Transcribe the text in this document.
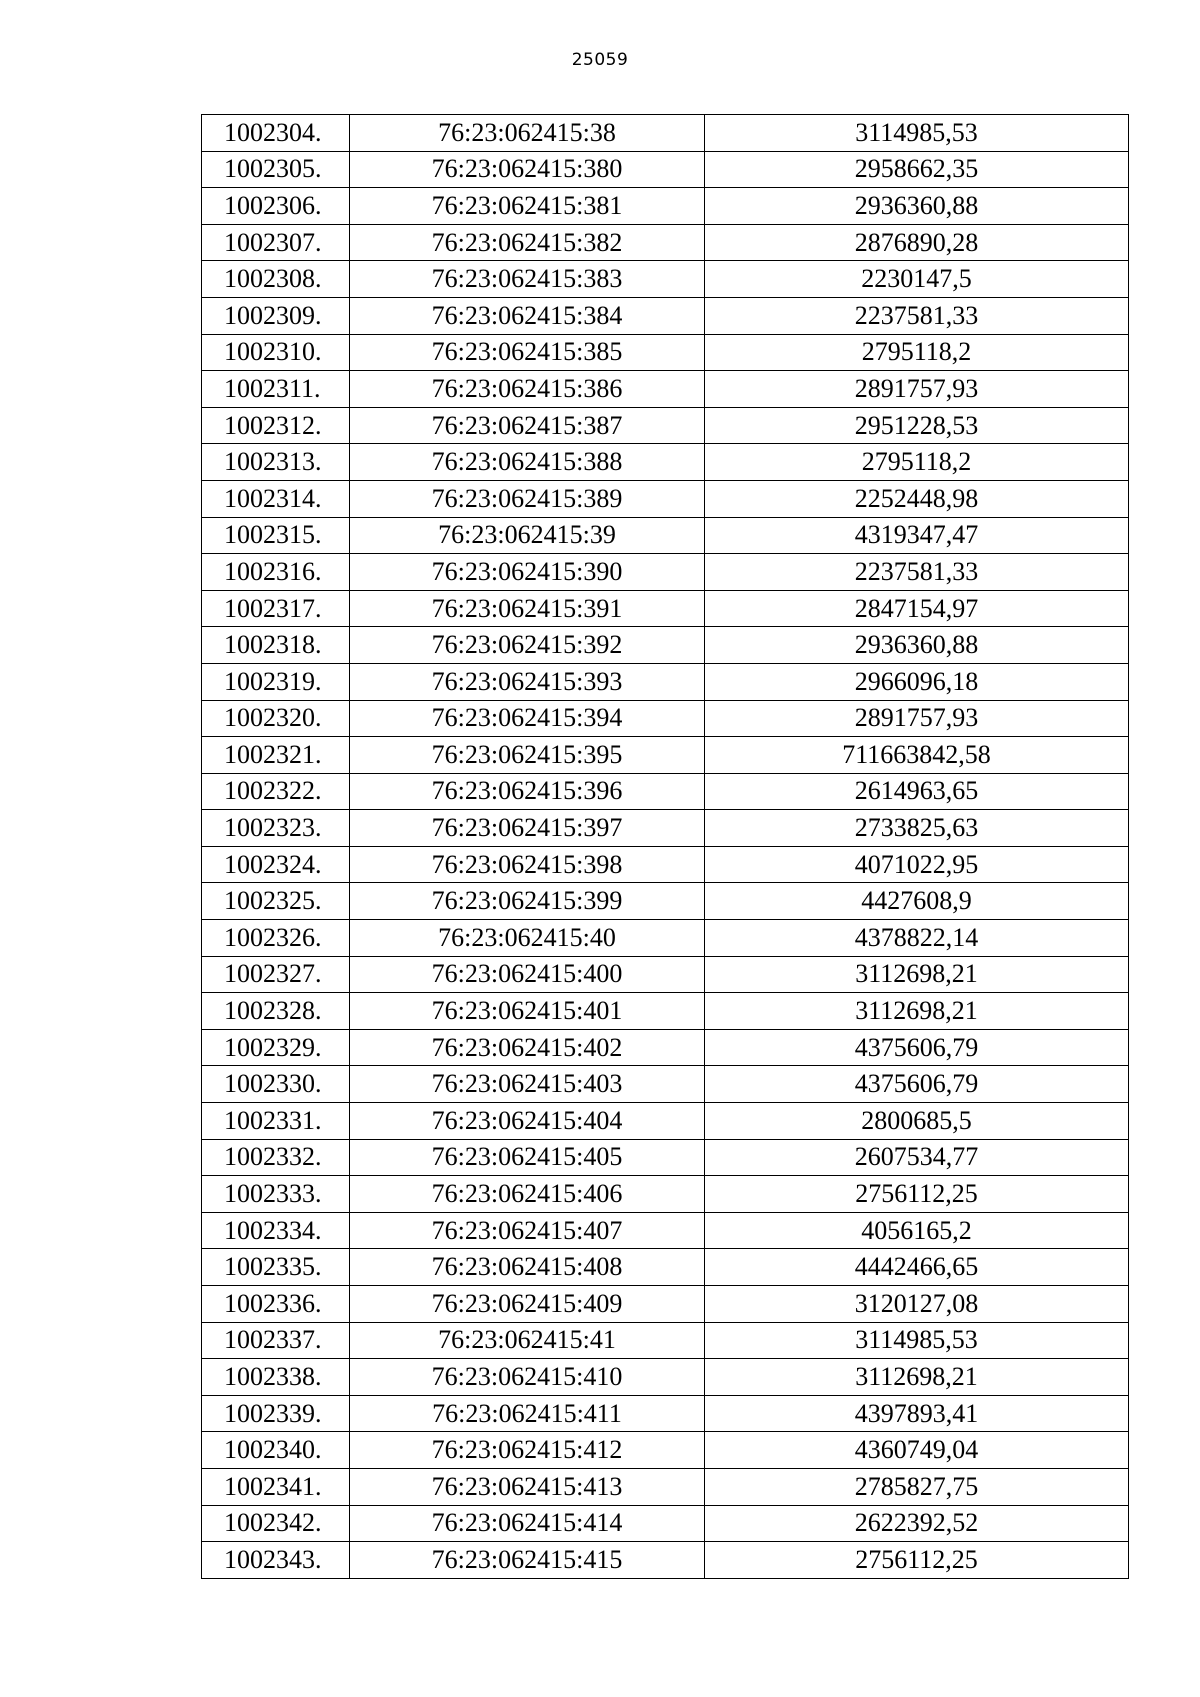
25059
1002304.	76:23:062415:38	3114985,53
1002305.	76:23:062415:380	2958662,35
1002306.	76:23:062415:381	2936360,88
1002307.	76:23:062415:382	2876890,28
1002308.	76:23:062415:383	2230147,5
1002309.	76:23:062415:384	2237581,33
1002310.	76:23:062415:385	2795118,2
1002311.	76:23:062415:386	2891757,93
1002312.	76:23:062415:387	2951228,53
1002313.	76:23:062415:388	2795118,2
1002314.	76:23:062415:389	2252448,98
1002315.	76:23:062415:39	4319347,47
1002316.	76:23:062415:390	2237581,33
1002317.	76:23:062415:391	2847154,97
1002318.	76:23:062415:392	2936360,88
1002319.	76:23:062415:393	2966096,18
1002320.	76:23:062415:394	2891757,93
1002321.	76:23:062415:395	711663842,58
1002322.	76:23:062415:396	2614963,65
1002323.	76:23:062415:397	2733825,63
1002324.	76:23:062415:398	4071022,95
1002325.	76:23:062415:399	4427608,9
1002326.	76:23:062415:40	4378822,14
1002327.	76:23:062415:400	3112698,21
1002328.	76:23:062415:401	3112698,21
1002329.	76:23:062415:402	4375606,79
1002330.	76:23:062415:403	4375606,79
1002331.	76:23:062415:404	2800685,5
1002332.	76:23:062415:405	2607534,77
1002333.	76:23:062415:406	2756112,25
1002334.	76:23:062415:407	4056165,2
1002335.	76:23:062415:408	4442466,65
1002336.	76:23:062415:409	3120127,08
1002337.	76:23:062415:41	3114985,53
1002338.	76:23:062415:410	3112698,21
1002339.	76:23:062415:411	4397893,41
1002340.	76:23:062415:412	4360749,04
1002341.	76:23:062415:413	2785827,75
1002342.	76:23:062415:414	2622392,52
1002343.	76:23:062415:415	2756112,25
